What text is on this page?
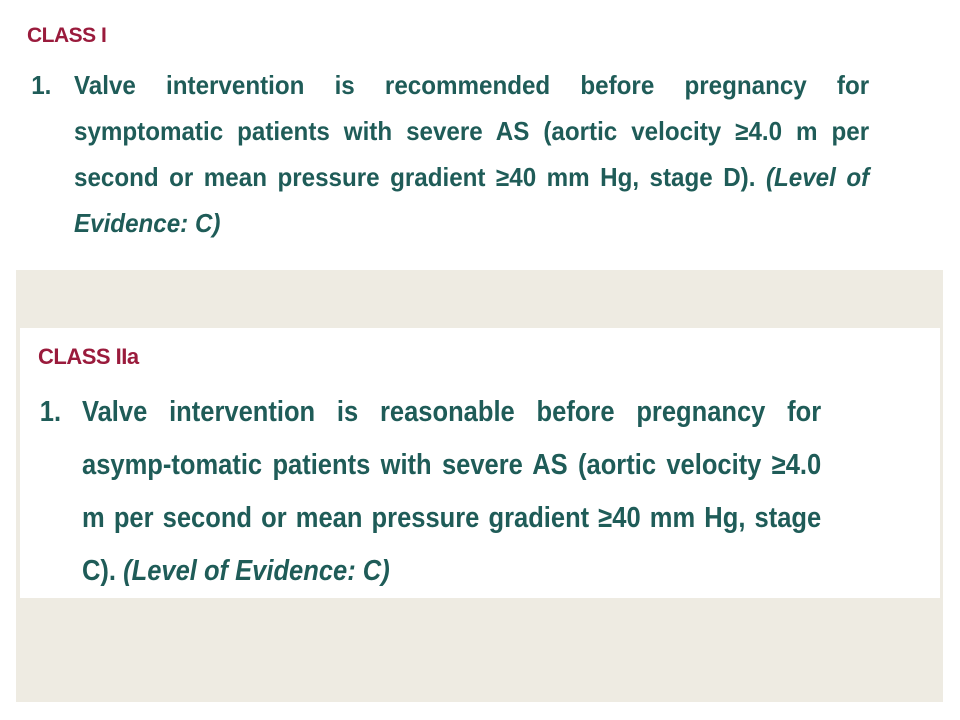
CLASS I

1. Valve intervention is recommended before pregnancy for symptomatic patients with severe AS (aortic velocity ≥4.0 m per second or mean pressure gradient ≥40 mm Hg, stage D). (Level of Evidence: C)

CLASS IIa

1. Valve intervention is reasonable before pregnancy for asymp-tomatic patients with severe AS (aortic velocity ≥4.0 m per second or mean pressure gradient ≥40 mm Hg, stage C). (Level of Evidence: C)
